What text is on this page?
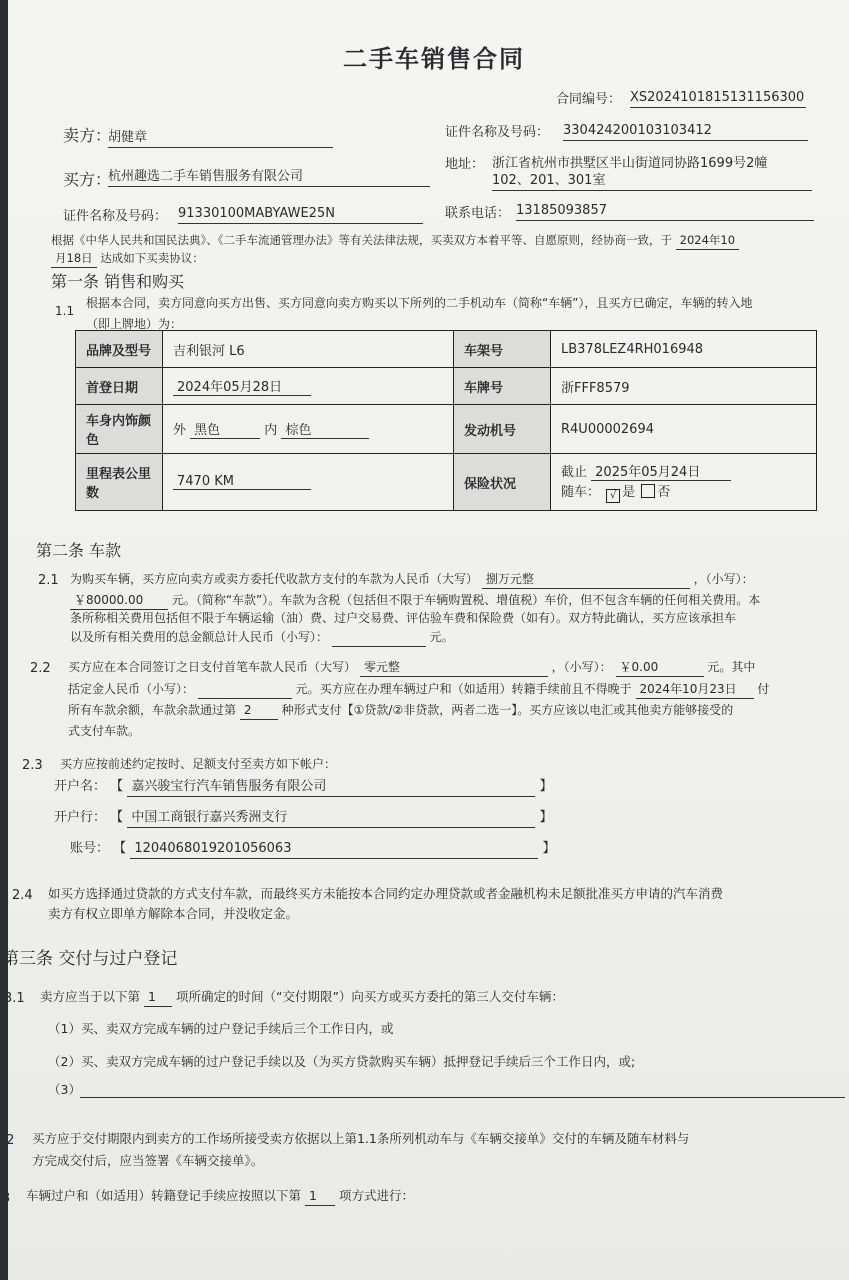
二手车销售合同
合同编号： XS20241018151311563​00
卖方：
胡健章	证件名称及号码： 330424200103103412
地址： 浙江省杭州市拱墅区半山街道同协路1699号2幢
102、201、301室
买方：
杭州趣选二手车销售服务有限公司
证件名称及号码： 91330100MABYAWE25N	联系电话： 13185093857
根据《中华人民共和国民法典》、《二手车流通管理办法》等有关法律法规，买卖双方本着平等、自愿原则，经协商一致，于 2024年10
月18日 达成如下买卖协议：
第一条 销售和购买
1.1
根据本合同，卖方同意向买方出售、买方同意向卖方购买以下所列的二手机动车（简称“车辆”），且买方已确定，车辆的转入地
（即上牌地）为：
品牌及型号	吉利银河 L6	车架号	LB378LEZ4RH016948
首登日期	2024年05月28日	车牌号	浙FFF8579
车身内饰颜色	外 黑色 内 棕色	发动机号	R4U00002694
里程表公里数	7470 KM	保险状况	截止 2025年05月24日
随车： √ 是 否
第二条 车款
2.1 为购买车辆，买方应向卖方或卖方委托代收款方支付的车款为人民币（大写） 捌万元整	，（小写）：
￥80000.00 元。（简称“车款”）。车款为含税（包括但不限于车辆购置税、增值税）车价，但不包含车辆的任何相关费用。本
条所称相关费用包括但不限于车辆运输（油）费、过户交易费、评估验车费和保险费（如有）。双方特此确认，买方应该承担车
以及所有相关费用的总金额总计人民币（小写）：	元。
2.2 买方应在本合同签订之日支付首笔车款人民币（大写） 零元整	，（小写）： ￥0.00	元。其中
括定金人民币（小写）：	元。买方应在办理车辆过户和（如适用）转籍手续前且不得晚于 2024年10月23日 付
所有车款余额，车款余款通过第 2	种形式支付【①贷款/②非贷款，两者二选一】。买方应该以电汇或其他卖方能够接受的
式支付车款。
2.3 买方应按前述约定按时、足额支付至卖方如下帐户：
开户名： 【 嘉兴骏宝行汽车销售服务有限公司	】
开户行： 【 中国工商银行嘉兴秀洲支行	】
账号： 【 1204068019201056063	】
2.4 如买方选择通过贷款的方式支付车款，而最终买方未能按本合同约定办理贷款或者金融机构未足额批准买方申请的汽车消费
卖方有权立即单方解除本合同，并没收定金。
第三条 交付与过户登记
3.1 卖方应当于以下第 1 项所确定的时间（“交付期限”）向买方或买方委托的第三人交付车辆：
（1）买、卖双方完成车辆的过户登记手续后三个工作日内，或
（2）买、卖双方完成车辆的过户登记手续以及（为买方贷款购买车辆）抵押登记手续后三个工作日内，或;
（3）
.2 买方应于交付期限内到卖方的工作场所接受卖方依据以上第1.1条所列机动车与《车辆交接单》交付的车辆及随车材料与
方完成交付后，应当签署《车辆交接单》。
3 车辆过户和（如适用）转籍登记手续应按照以下第 1 项方式进行：
